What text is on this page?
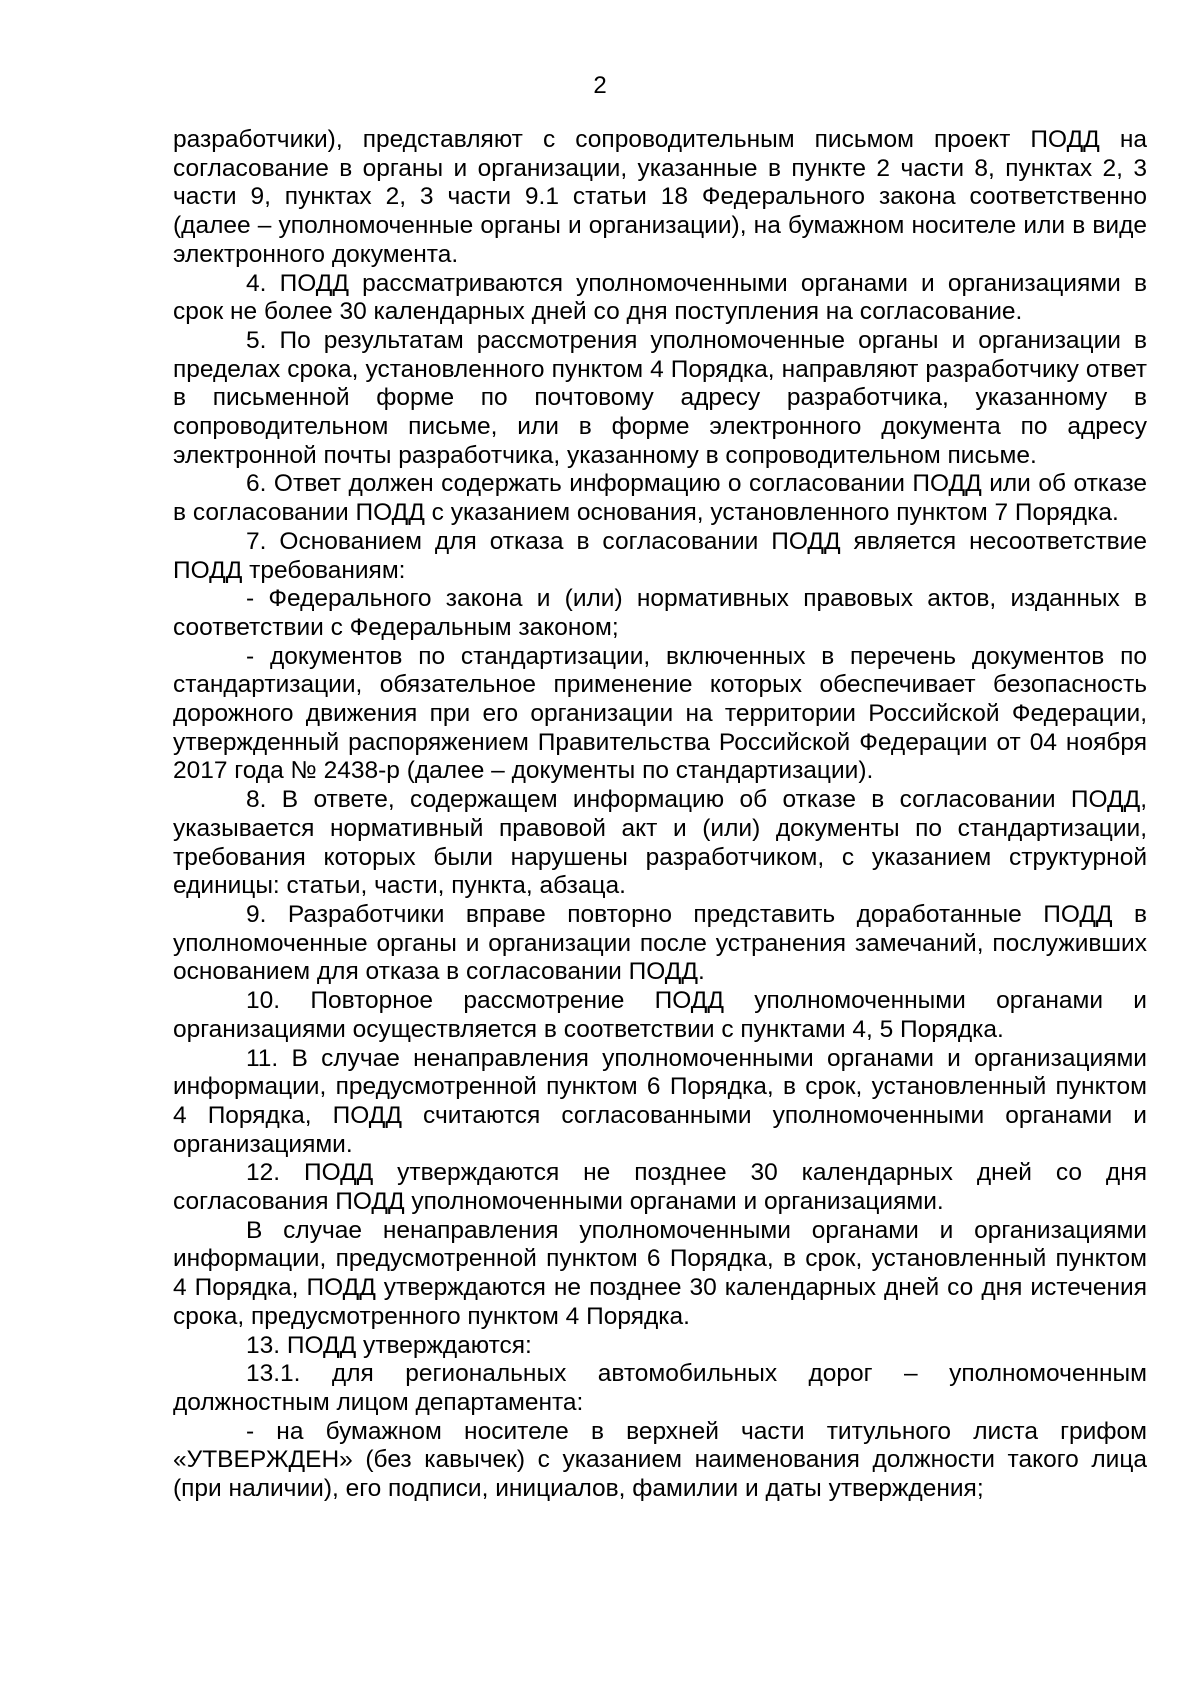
2

разработчики), представляют с сопроводительным письмом проект ПОДД на согласование в органы и организации, указанные в пункте 2 части 8, пунктах 2, 3 части 9, пунктах 2, 3 части 9.1 статьи 18 Федерального закона соответственно (далее – уполномоченные органы и организации), на бумажном носителе или в виде электронного документа.

4. ПОДД рассматриваются уполномоченными органами и организациями в срок не более 30 календарных дней со дня поступления на согласование.

5. По результатам рассмотрения уполномоченные органы и организации в пределах срока, установленного пунктом 4 Порядка, направляют разработчику ответ в письменной форме по почтовому адресу разработчика, указанному в сопроводительном письме, или в форме электронного документа по адресу электронной почты разработчика, указанному в сопроводительном письме.

6. Ответ должен содержать информацию о согласовании ПОДД или об отказе в согласовании ПОДД с указанием основания, установленного пунктом 7 Порядка.

7. Основанием для отказа в согласовании ПОДД является несоответствие ПОДД требованиям:

- Федерального закона и (или) нормативных правовых актов, изданных в соответствии с Федеральным законом;

- документов по стандартизации, включенных в перечень документов по стандартизации, обязательное применение которых обеспечивает безопасность дорожного движения при его организации на территории Российской Федерации, утвержденный распоряжением Правительства Российской Федерации от 04 ноября 2017 года № 2438-р (далее – документы по стандартизации).

8. В ответе, содержащем информацию об отказе в согласовании ПОДД, указывается нормативный правовой акт и (или) документы по стандартизации, требования которых были нарушены разработчиком, с указанием структурной единицы: статьи, части, пункта, абзаца.

9. Разработчики вправе повторно представить доработанные ПОДД в уполномоченные органы и организации после устранения замечаний, послуживших основанием для отказа в согласовании ПОДД.

10. Повторное рассмотрение ПОДД уполномоченными органами и организациями осуществляется в соответствии с пунктами 4, 5 Порядка.

11. В случае ненаправления уполномоченными органами и организациями информации, предусмотренной пунктом 6 Порядка, в срок, установленный пунктом 4 Порядка, ПОДД считаются согласованными уполномоченными органами и организациями.

12. ПОДД утверждаются не позднее 30 календарных дней со дня согласования ПОДД уполномоченными органами и организациями.

В случае ненаправления уполномоченными органами и организациями информации, предусмотренной пунктом 6 Порядка, в срок, установленный пунктом 4 Порядка, ПОДД утверждаются не позднее 30 календарных дней со дня истечения срока, предусмотренного пунктом 4 Порядка.

13. ПОДД утверждаются:

13.1. для региональных автомобильных дорог – уполномоченным должностным лицом департамента:

- на бумажном носителе в верхней части титульного листа грифом «УТВЕРЖДЕН» (без кавычек) с указанием наименования должности такого лица (при наличии), его подписи, инициалов, фамилии и даты утверждения;
